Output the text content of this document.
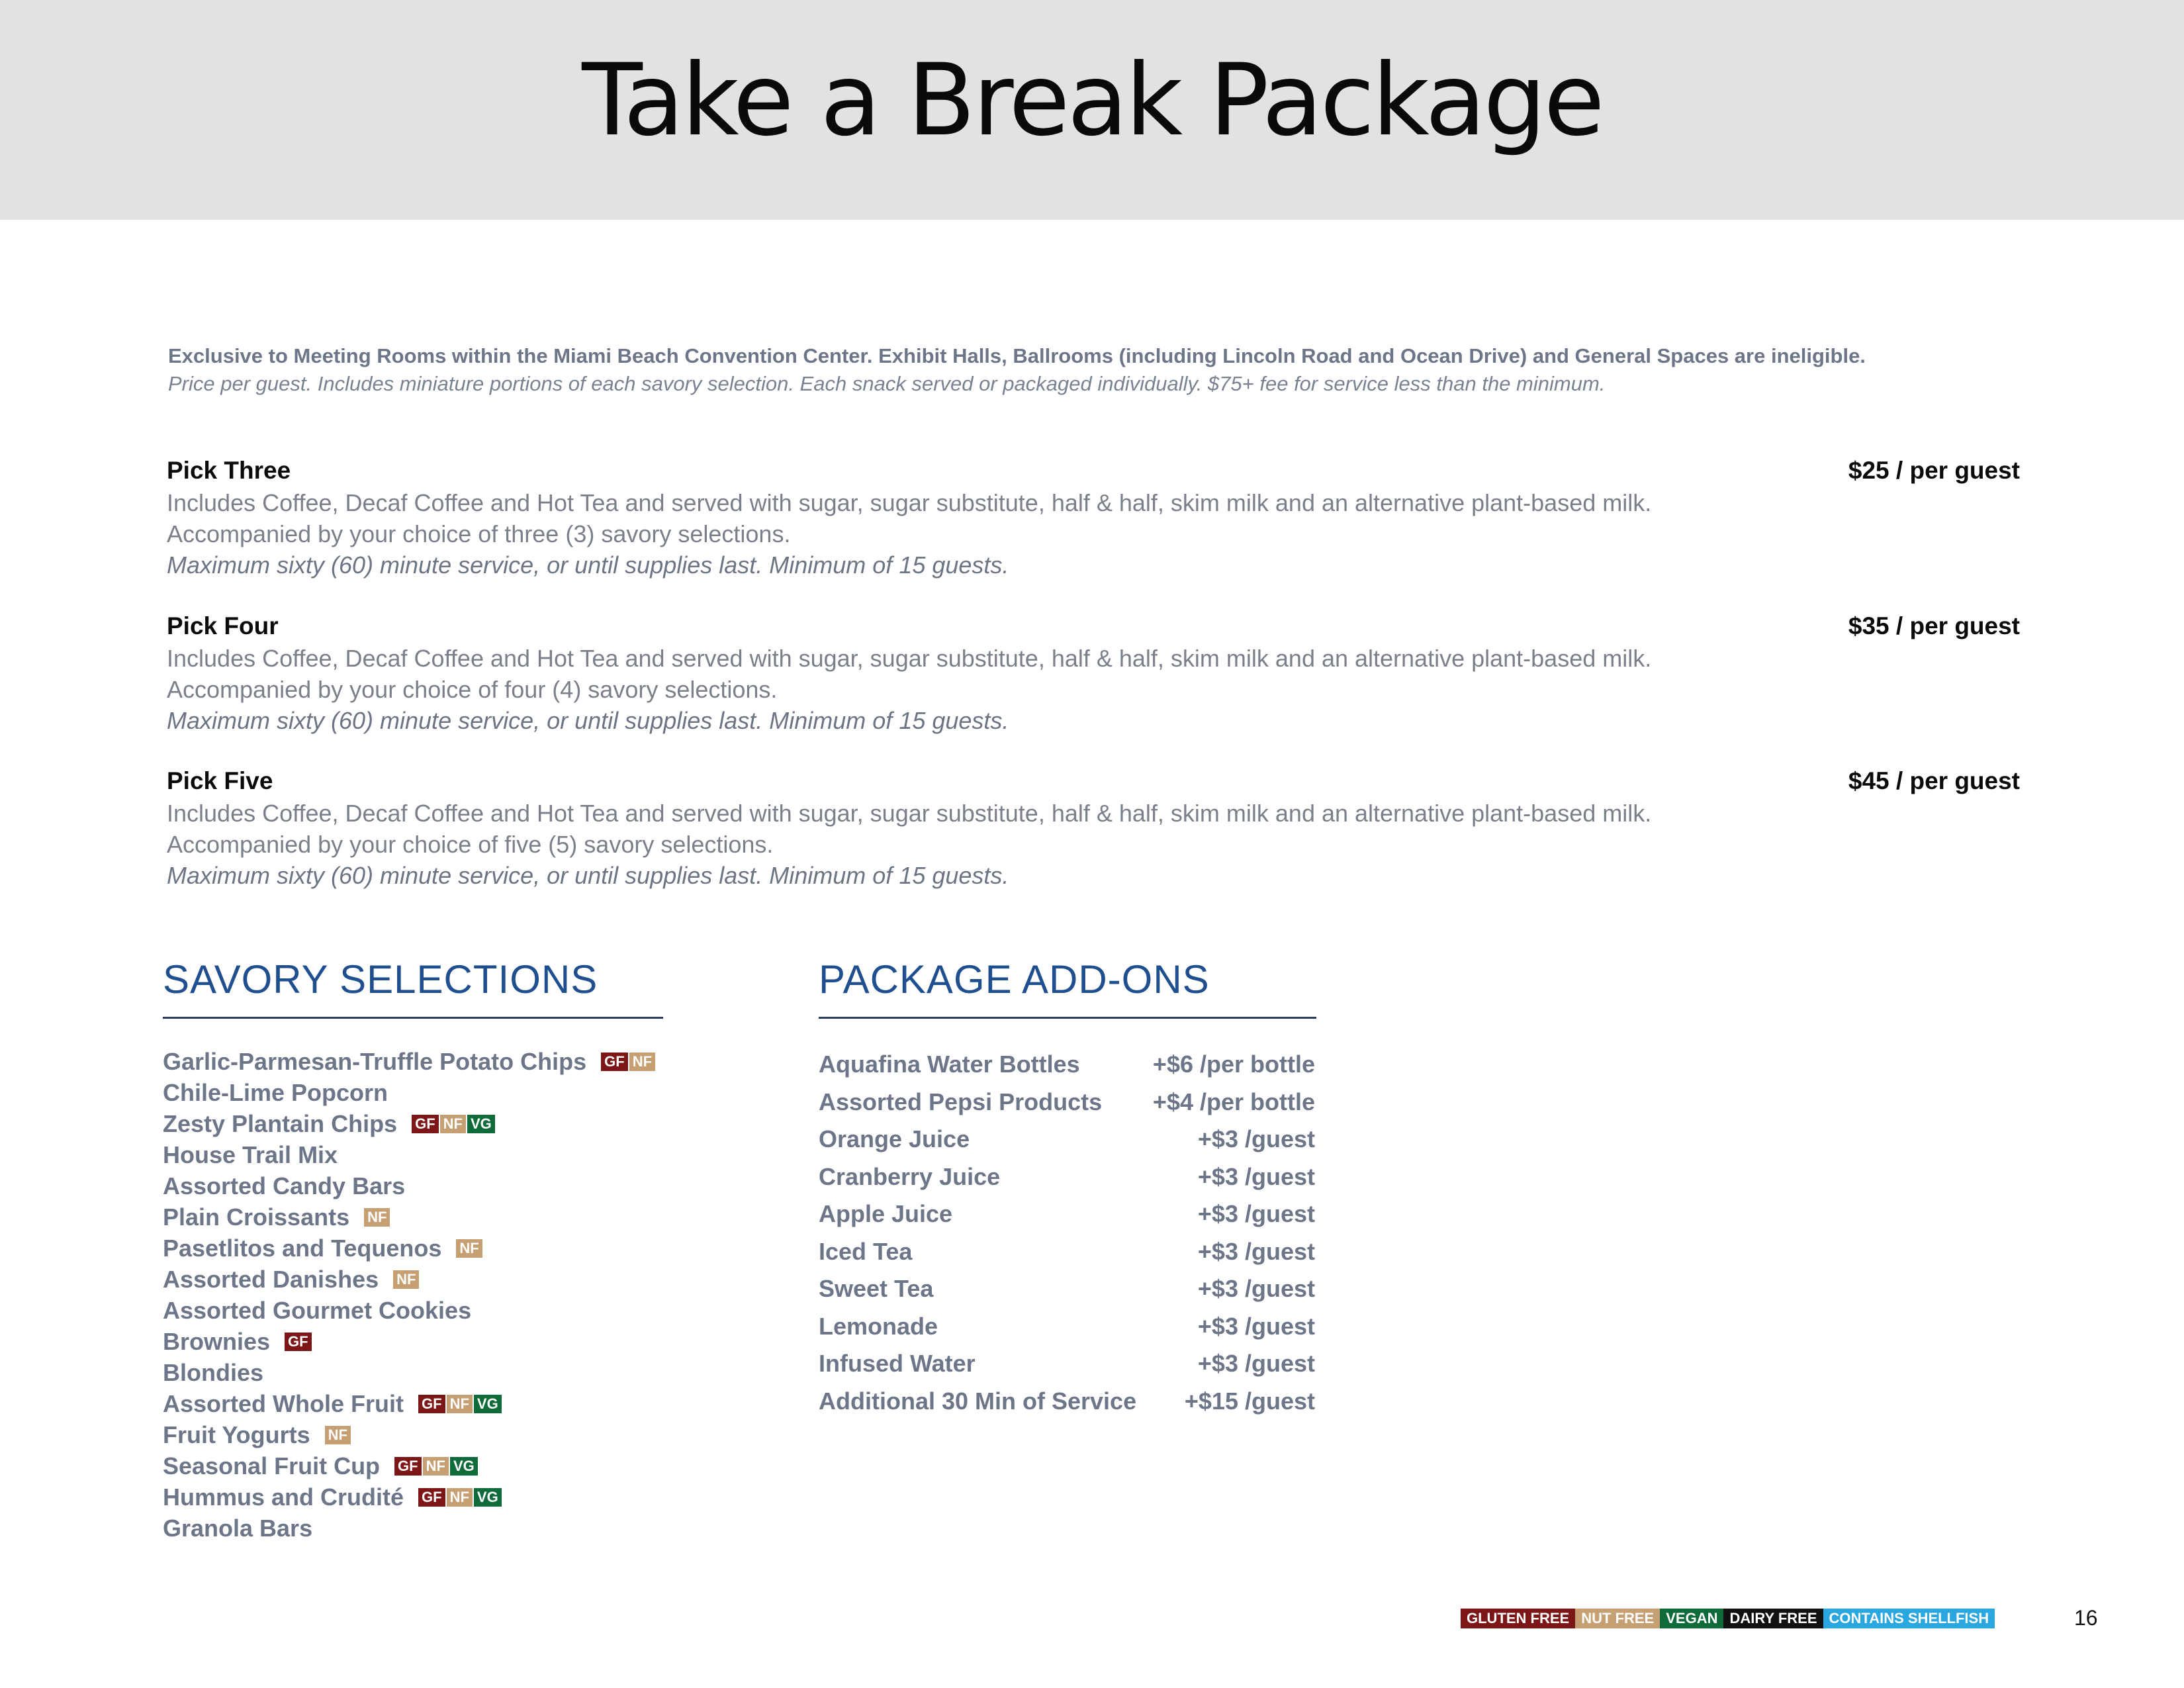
Take a Break Package
Exclusive to Meeting Rooms within the Miami Beach Convention Center. Exhibit Halls, Ballrooms (including Lincoln Road and Ocean Drive) and General Spaces are ineligible.
Price per guest. Includes miniature portions of each savory selection. Each snack served or packaged individually. $75+ fee for service less than the minimum.
Pick Three	$25 / per guest
Includes Coffee, Decaf Coffee and Hot Tea and served with sugar, sugar substitute, half & half, skim milk and an alternative plant-based milk.
Accompanied by your choice of three (3) savory selections.
Maximum sixty (60) minute service, or until supplies last. Minimum of 15 guests.
Pick Four	$35 / per guest
Includes Coffee, Decaf Coffee and Hot Tea and served with sugar, sugar substitute, half & half, skim milk and an alternative plant-based milk.
Accompanied by your choice of four (4) savory selections.
Maximum sixty (60) minute service, or until supplies last. Minimum of 15 guests.
Pick Five	$45 / per guest
Includes Coffee, Decaf Coffee and Hot Tea and served with sugar, sugar substitute, half & half, skim milk and an alternative plant-based milk.
Accompanied by your choice of five (5) savory selections.
Maximum sixty (60) minute service, or until supplies last. Minimum of 15 guests.
SAVORY SELECTIONS	PACKAGE ADD-ONS
Garlic-Parmesan-Truffle Potato Chips GF NF
Chile-Lime Popcorn
Zesty Plantain Chips GF NF VG
House Trail Mix
Assorted Candy Bars
Plain Croissants NF
Pasetlitos and Tequenos NF
Assorted Danishes NF
Assorted Gourmet Cookies
Brownies GF
Blondies
Assorted Whole Fruit GF NF VG
Fruit Yogurts NF
Seasonal Fruit Cup GF NF VG
Hummus and Crudité GF NF VG
Granola Bars
Aquafina Water Bottles	+$6 /per bottle
Assorted Pepsi Products +$4 /per bottle
Orange Juice	+$3 /guest
Cranberry Juice	+$3 /guest
Apple Juice	+$3 /guest
Iced Tea	+$3 /guest
Sweet Tea	+$3 /guest
Lemonade	+$3 /guest
Infused Water	+$3 /guest
Additional 30 Min of Service +$15 /guest
GLUTEN FREE NUT FREE VEGAN DAIRY FREE CONTAINS SHELLFISH	16
